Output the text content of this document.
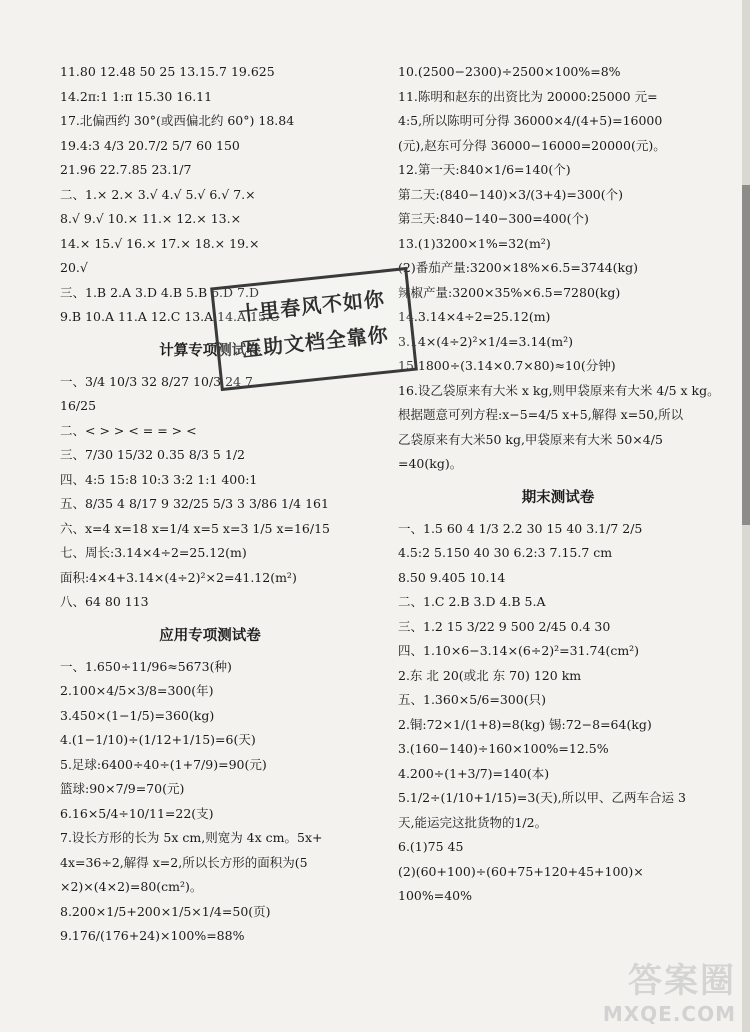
11.80 12.48 50 25 13.15.7 19.625
14.2π:1 1:π 15.30 16.11
17.北偏西约 30°(或西偏北约 60°) 18.84
19.4:3 4/3 20.7/2 5/7 60 150
21.96 22.7.85 23.1/7
二、1.× 2.× 3.√ 4.√ 5.√ 6.√ 7.×
8.√ 9.√ 10.× 11.× 12.× 13.×
14.× 15.√ 16.× 17.× 18.× 19.×
20.√
三、1.B 2.A 3.D 4.B 5.B 6.D 7.D
9.B 10.A 11.A 12.C 13.A 14.A 15.C
计算专项测试卷
一、3/4 10/3 32 8/27 10/3 24 7
16/25
二、< > > < = = > <
三、7/30 15/32 0.35 8/3 5 1/2
四、4:5 15:8 10:3 3:2 1:1 400:1
五、8/35 4 8/17 9 32/25 5/3 3 3/86 1/4 161
六、x=4 x=18 x=1/4 x=5 x=3 1/5 x=16/15
七、周长:3.14×4÷2=25.12(m)
面积:4×4+3.14×(4÷2)²×2=41.12(m²)
八、64 80 113
应用专项测试卷
一、1.650÷11/96≈5673(种)
2.100×4/5×3/8=300(年)
3.450×(1−1/5)=360(kg)
4.(1−1/10)÷(1/12+1/15)=6(天)
5.足球:6400÷40÷(1+7/9)=90(元)
篮球:90×7/9=70(元)
6.16×5/4÷10/11=22(支)
7.设长方形的长为 5x cm,则宽为 4x cm。5x+
4x=36÷2,解得 x=2,所以长方形的面积为(5
×2)×(4×2)=80(cm²)。
8.200×1/5+200×1/5×1/4=50(页)
9.176/(176+24)×100%=88%
10.(2500−2300)÷2500×100%=8%
11.陈明和赵东的出资比为 20000:25000 元=
4:5,所以陈明可分得 36000×4/(4+5)=16000
(元),赵东可分得 36000−16000=20000(元)。
12.第一天:840×1/6=140(个)
第二天:(840−140)×3/(3+4)=300(个)
第三天:840−140−300=400(个)
13.(1)3200×1%=32(m²)
(2)番茄产量:3200×18%×6.5=3744(kg)
辣椒产量:3200×35%×6.5=7280(kg)
14.3.14×4÷2=25.12(m)
3.14×(4÷2)²×1/4=3.14(m²)
15.1800÷(3.14×0.7×80)≈10(分钟)
16.设乙袋原来有大米 x kg,则甲袋原来有大米 4/5 x kg。
根据题意可列方程:x−5=4/5 x+5,解得 x=50,所以
乙袋原来有大米50 kg,甲袋原来有大米 50×4/5
=40(kg)。
期末测试卷
一、1.5 60 4 1/3 2.2 30 15 40 3.1/7 2/5
4.5:2 5.150 40 30 6.2:3 7.15.7 cm
8.50 9.405 10.14
二、1.C 2.B 3.D 4.B 5.A
三、1.2 15 3/22 9 500 2/45 0.4 30
四、1.10×6−3.14×(6÷2)²=31.74(cm²)
2.东 北 20(或北 东 70) 120 km
五、1.360×5/6=300(只)
2.铜:72×1/(1+8)=8(kg) 锡:72−8=64(kg)
3.(160−140)÷160×100%=12.5%
4.200÷(1+3/7)=140(本)
5.1/2÷(1/10+1/15)=3(天),所以甲、乙两车合运 3
天,能运完这批货物的1/2。
6.(1)75 45
(2)(60+100)÷(60+75+120+45+100)×
100%=40%
十里春风不如你
互助文档全靠你
答案圈
MXQE.COM
